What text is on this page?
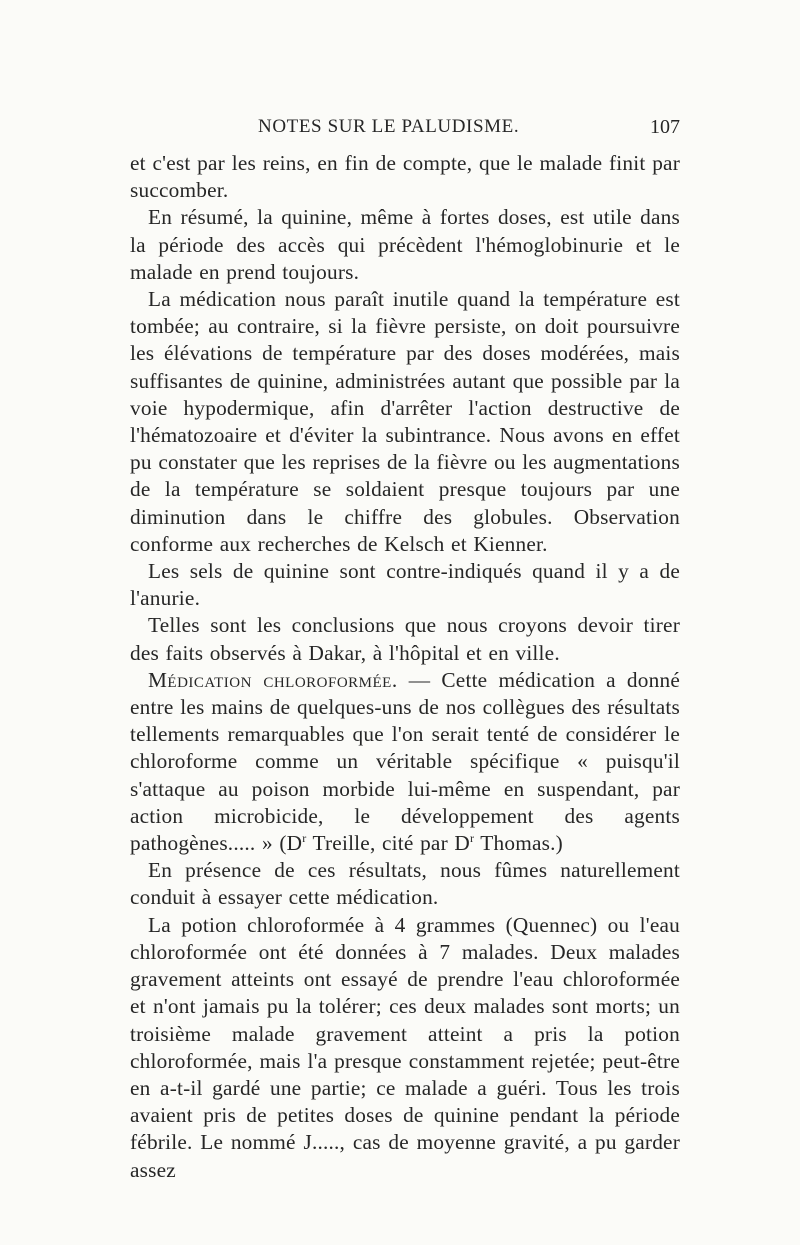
NOTES SUR LE PALUDISME.	107

et c'est par les reins, en fin de compte, que le malade finit par succomber.

En résumé, la quinine, même à fortes doses, est utile dans la période des accès qui précèdent l'hémoglobinurie et le malade en prend toujours.

La médication nous paraît inutile quand la température est tombée; au contraire, si la fièvre persiste, on doit poursuivre les élévations de température par des doses modérées, mais suffisantes de quinine, administrées autant que possible par la voie hypodermique, afin d'arrêter l'action destructive de l'hématozoaire et d'éviter la subintrance. Nous avons en effet pu constater que les reprises de la fièvre ou les augmentations de la température se soldaient presque toujours par une diminution dans le chiffre des globules. Observation conforme aux recherches de Kelsch et Kienner.

Les sels de quinine sont contre-indiqués quand il y a de l'anurie.

Telles sont les conclusions que nous croyons devoir tirer des faits observés à Dakar, à l'hôpital et en ville.

Médication chloroformée. — Cette médication a donné entre les mains de quelques-uns de nos collègues des résultats tellements remarquables que l'on serait tenté de considérer le chloroforme comme un véritable spécifique « puisqu'il s'attaque au poison morbide lui-même en suspendant, par action microbicide, le développement des agents pathogènes..... » ($D^r$ Treille, cité par $D^r$ Thomas.)

En présence de ces résultats, nous fûmes naturellement conduit à essayer cette médication.

La potion chloroformée à 4 grammes (Quennec) ou l'eau chloroformée ont été données à 7 malades. Deux malades gravement atteints ont essayé de prendre l'eau chloroformée et n'ont jamais pu la tolérer; ces deux malades sont morts; un troisième malade gravement atteint a pris la potion chloroformée, mais l'a presque constamment rejetée; peut-être en a-t-il gardé une partie; ce malade a guéri. Tous les trois avaient pris de petites doses de quinine pendant la période fébrile. Le nommé J....., cas de moyenne gravité, a pu garder assez
